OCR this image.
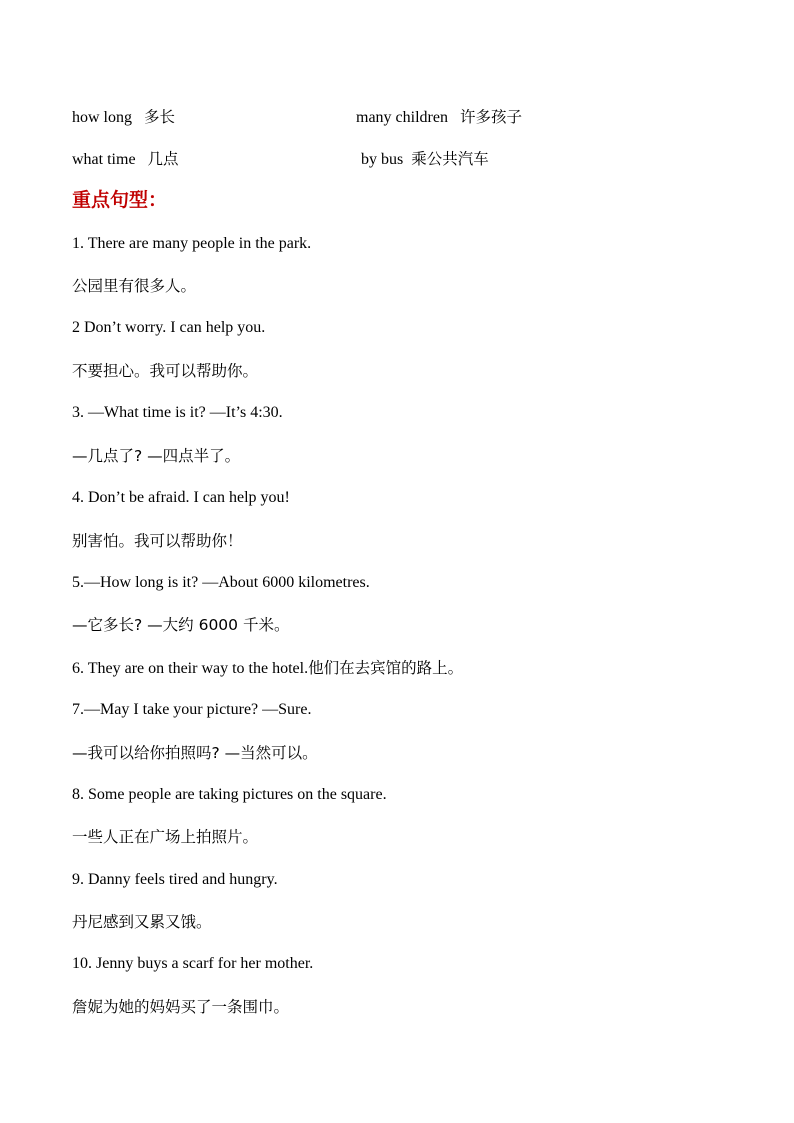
how long 多长	many children 许多孩子
what time 几点	by bus 乘公共汽车
重点句型：
1. There are many people in the park.
公园里有很多人。
2 Don’t worry. I can help you.
不要担心。我可以帮助你。
3. —What time is it? —It’s 4:30.
—几点了? —四点半了。
4. Don’t be afraid. I can help you!
别害怕。我可以帮助你！
5.—How long is it? —About 6000 kilometres.
—它多长? —大约 6000 千米。
6. They are on their way to the hotel.他们在去宾馆的路上。
7.—May I take your picture? —Sure.
—我可以给你拍照吗? —当然可以。
8. Some people are taking pictures on the square.
一些人正在广场上拍照片。
9. Danny feels tired and hungry.
丹尼感到又累又饿。
10. Jenny buys a scarf for her mother.
詹妮为她的妈妈买了一条围巾。
